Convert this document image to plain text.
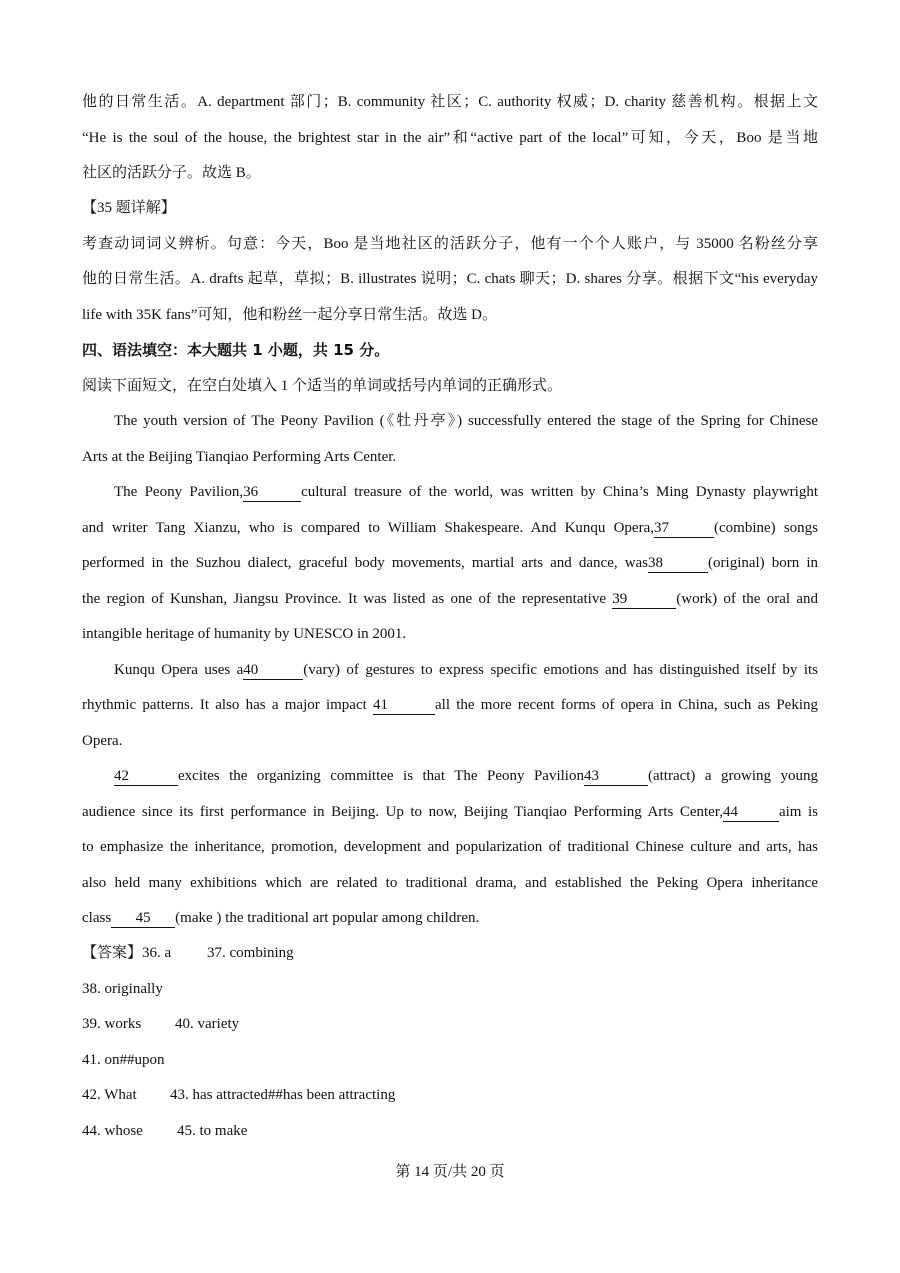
他的日常生活。A. department 部门；B. community 社区；C. authority 权威；D. charity 慈善机构。根据上文
“He is the soul of the house, the brightest star in the air”和“active part of the local”可知，今天，Boo 是当地
社区的活跃分子。故选 B。
【35 题详解】
考查动词词义辨析。句意：今天，Boo 是当地社区的活跃分子，他有一个个人账户，与 35000 名粉丝分享
他的日常生活。A. drafts 起草，草拟；B. illustrates 说明；C. chats 聊天；D. shares 分享。根据下文“his everyday
life with 35K fans”可知，他和粉丝一起分享日常生活。故选 D。
四、语法填空：本大题共 1 小题，共 15 分。
阅读下面短文，在空白处填入 1 个适当的单词或括号内单词的正确形式。
The youth version of The Peony Pavilion (《牡丹亭》) successfully entered the stage of the Spring for Chinese
Arts at the Beijing Tianqiao Performing Arts Center.
The Peony Pavilion,36	cultural treasure of the world, was written by China’s Ming Dynasty playwright
and writer Tang Xianzu, who is compared to William Shakespeare. And Kunqu Opera,37	(combine) songs
performed in the Suzhou dialect, graceful body movements, martial arts and dance, was38	(original) born in
the region of Kunshan, Jiangsu Province. It was listed as one of the representative 39	(work) of the oral and
intangible heritage of humanity by UNESCO in 2001.
Kunqu Opera uses a40	(vary) of gestures to express specific emotions and has distinguished itself by its
rhythmic patterns. It also has a major impact 41	all the more recent forms of opera in China, such as Peking
Opera.
42	excites the organizing committee is that The Peony Pavilion43	(attract) a growing young
audience since its first performance in Beijing. Up to now, Beijing Tianqiao Performing Arts Center,44	aim is
to emphasize the inheritance, promotion, development and popularization of traditional Chinese culture and arts, has
also held many exhibitions which are related to traditional drama, and established the Peking Opera inheritance
class 45 (make ) the traditional art popular among children.
【答案】36. a 37. combining
38. originally
39. works 40. variety
41. on##upon
42. What 43. has attracted##has been attracting
44. whose 45. to make
第 14 页/共 20 页
